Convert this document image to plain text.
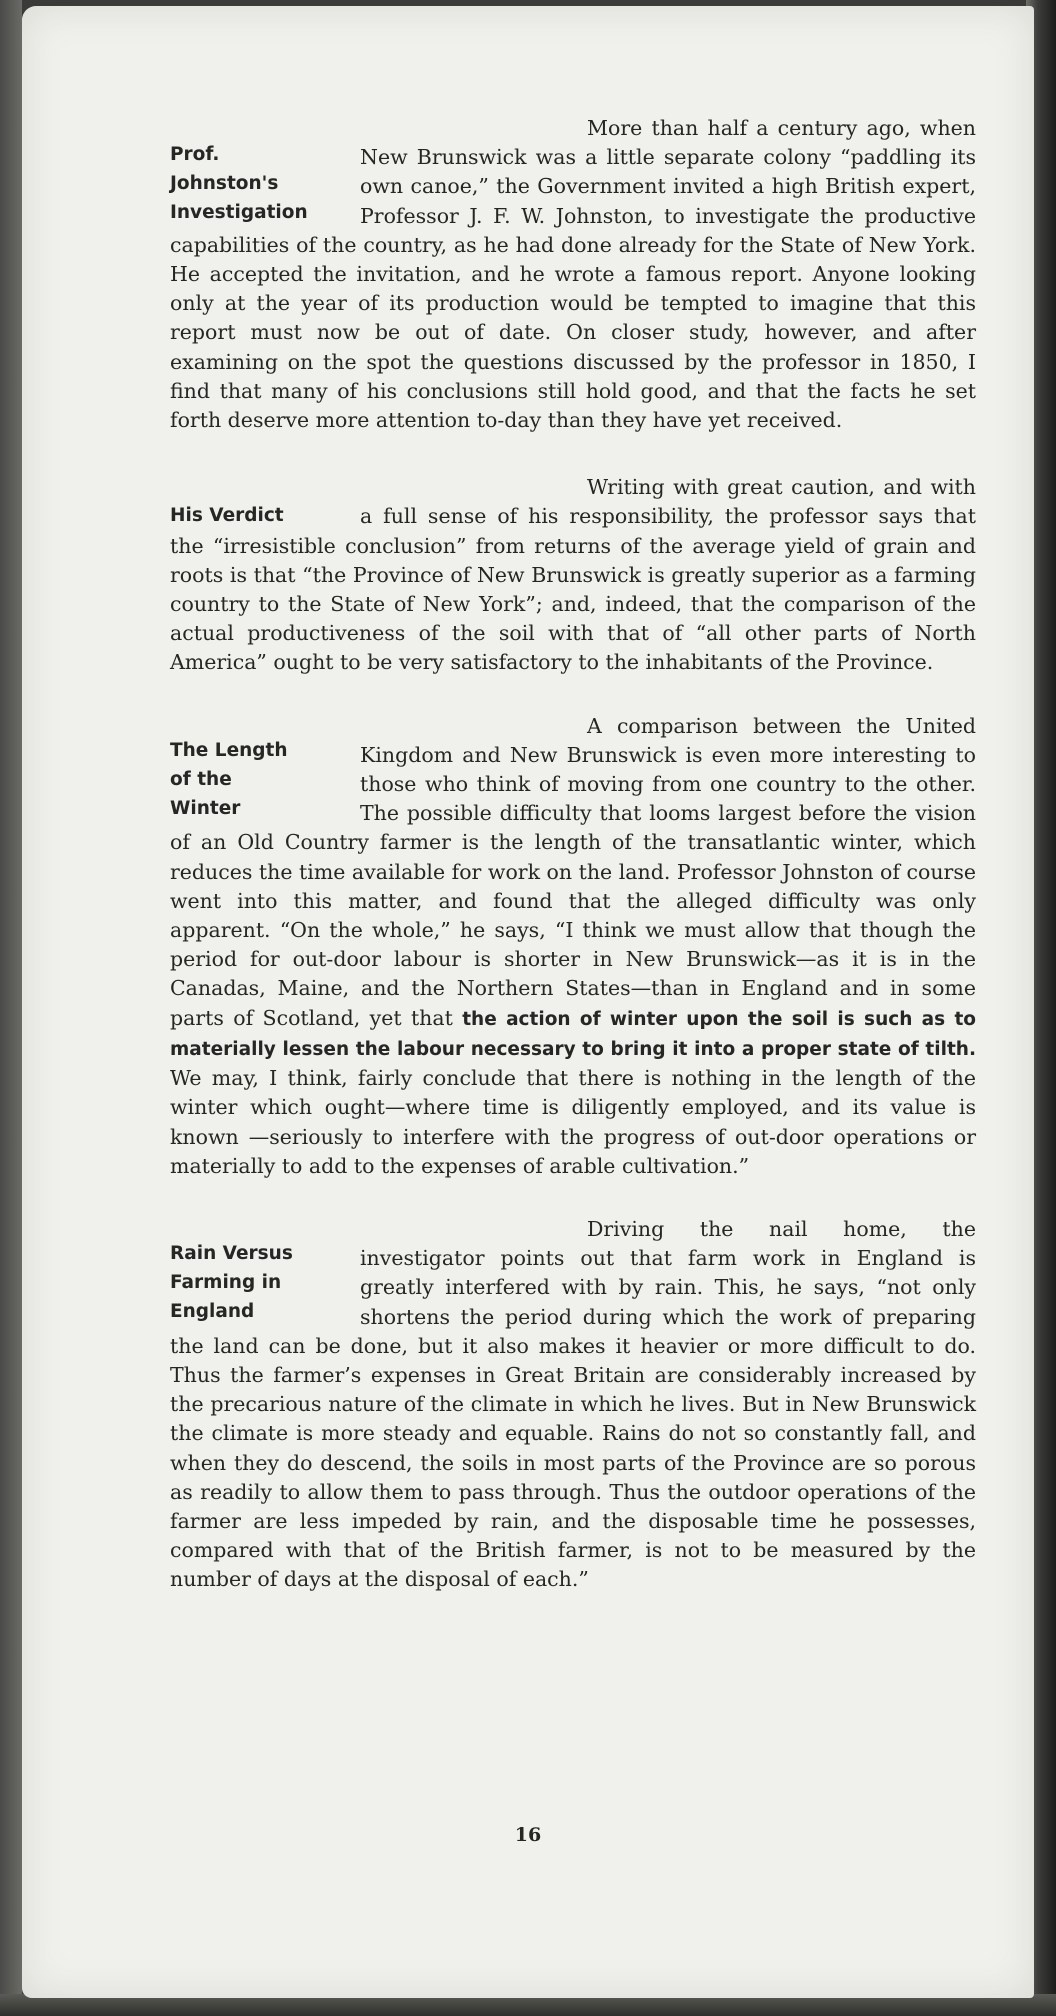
Prof.
Johnston's
Investigation

More than half a century ago, when New Brunswick was a little separate colony “paddling its own canoe,” the Government invited a high British expert, Professor J. F. W. Johnston, to investigate the productive capabilities of the country, as he had done already for the State of New York. He accepted the invitation, and he wrote a famous report. Anyone looking only at the year of its production would be tempted to imagine that this report must now be out of date. On closer study, however, and after examining on the spot the questions discussed by the professor in 1850, I find that many of his conclusions still hold good, and that the facts he set forth deserve more attention to-day than they have yet received.

His Verdict

Writing with great caution, and with a full sense of his responsibility, the professor says that the “irresistible conclusion” from returns of the average yield of grain and roots is that “the Province of New Brunswick is greatly superior as a farming country to the State of New York”; and, indeed, that the comparison of the actual productiveness of the soil with that of “all other parts of North America” ought to be very satisfactory to the inhabitants of the Province.

The Length
of the
Winter

A comparison between the United Kingdom and New Brunswick is even more interesting to those who think of moving from one country to the other. The possible difficulty that looms largest before the vision of an Old Country farmer is the length of the transatlantic winter, which reduces the time available for work on the land. Professor Johnston of course went into this matter, and found that the alleged difficulty was only apparent. “On the whole,” he says, “I think we must allow that though the period for out-door labour is shorter in New Brunswick—as it is in the Canadas, Maine, and the Northern States—than in England and in some parts of Scotland, yet that the action of winter upon the soil is such as to materially lessen the labour necessary to bring it into a proper state of tilth. We may, I think, fairly conclude that there is nothing in the length of the winter which ought—where time is diligently employed, and its value is known —seriously to interfere with the progress of out-door operations or materially to add to the expenses of arable cultivation.”

Rain Versus
Farming in
England

Driving the nail home, the investigator points out that farm work in England is greatly interfered with by rain. This, he says, “not only shortens the period during which the work of preparing the land can be done, but it also makes it heavier or more difficult to do. Thus the farmer’s expenses in Great Britain are considerably increased by the precarious nature of the climate in which he lives. But in New Brunswick the climate is more steady and equable. Rains do not so constantly fall, and when they do descend, the soils in most parts of the Province are so porous as readily to allow them to pass through. Thus the outdoor operations of the farmer are less impeded by rain, and the disposable time he possesses, compared with that of the British farmer, is not to be measured by the number of days at the disposal of each.”

16
